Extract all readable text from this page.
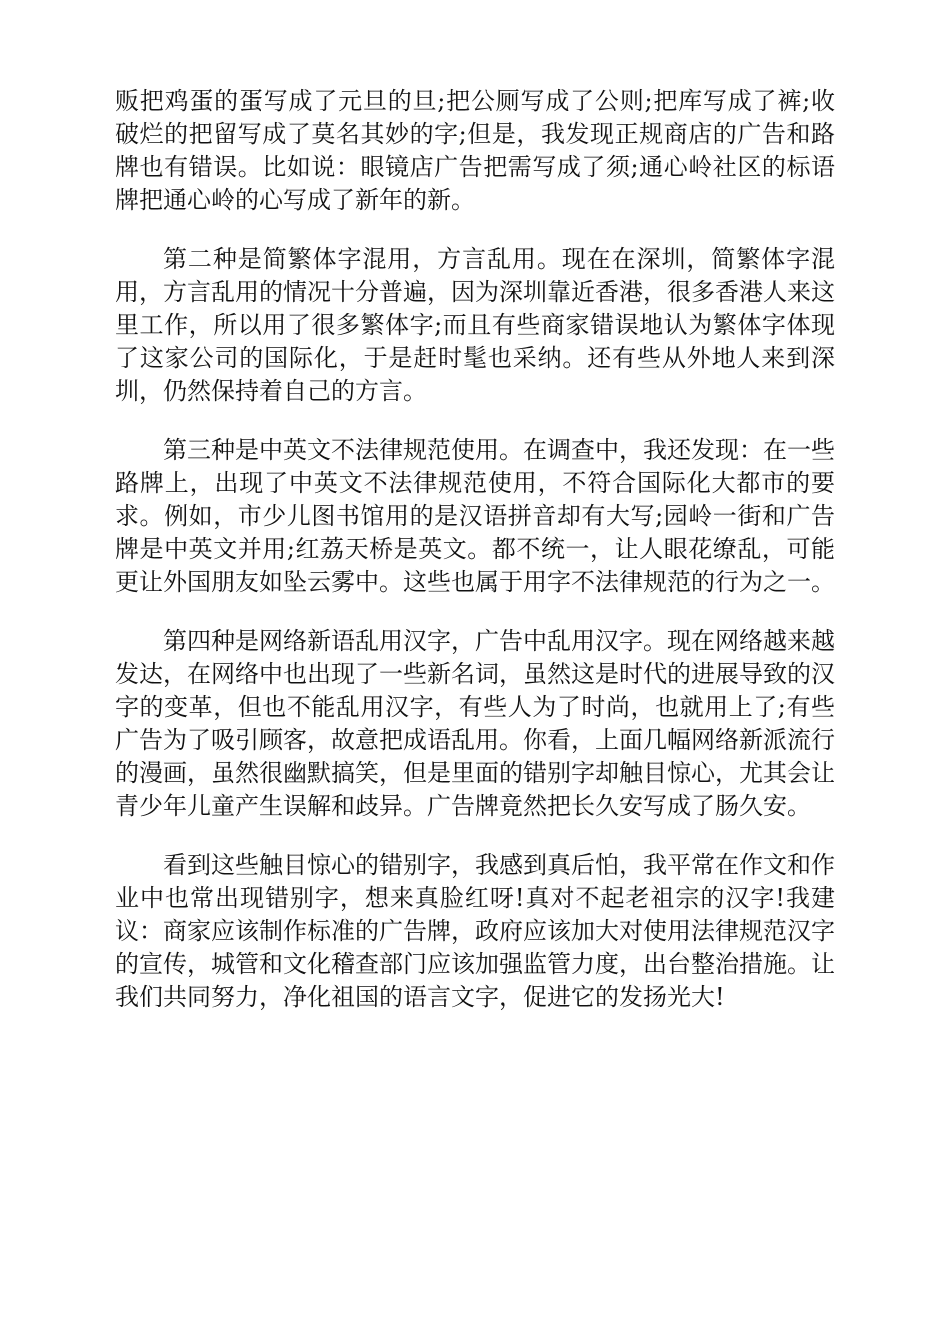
贩把鸡蛋的蛋写成了元旦的旦;把公厕写成了公则;把库写成了裤;收破烂的把留写成了莫名其妙的字;但是，我发现正规商店的广告和路牌也有错误。比如说：眼镜店广告把需写成了须;通心岭社区的标语牌把通心岭的心写成了新年的新。

第二种是简繁体字混用，方言乱用。现在在深圳，简繁体字混用，方言乱用的情况十分普遍，因为深圳靠近香港，很多香港人来这里工作，所以用了很多繁体字;而且有些商家错误地认为繁体字体现了这家公司的国际化，于是赶时髦也采纳。还有些从外地人来到深圳，仍然保持着自己的方言。

第三种是中英文不法律规范使用。在调查中，我还发现：在一些路牌上，出现了中英文不法律规范使用，不符合国际化大都市的要求。例如，市少儿图书馆用的是汉语拼音却有大写;园岭一街和广告牌是中英文并用;红荔天桥是英文。都不统一，让人眼花缭乱，可能更让外国朋友如坠云雾中。这些也属于用字不法律规范的行为之一。

第四种是网络新语乱用汉字，广告中乱用汉字。现在网络越来越发达，在网络中也出现了一些新名词，虽然这是时代的进展导致的汉字的变革，但也不能乱用汉字，有些人为了时尚，也就用上了;有些广告为了吸引顾客，故意把成语乱用。你看，上面几幅网络新派流行的漫画，虽然很幽默搞笑，但是里面的错别字却触目惊心，尤其会让青少年儿童产生误解和歧异。广告牌竟然把长久安写成了肠久安。

看到这些触目惊心的错别字，我感到真后怕，我平常在作文和作业中也常出现错别字，想来真脸红呀!真对不起老祖宗的汉字!我建议：商家应该制作标准的广告牌，政府应该加大对使用法律规范汉字的宣传，城管和文化稽查部门应该加强监管力度，出台整治措施。让我们共同努力，净化祖国的语言文字，促进它的发扬光大!
